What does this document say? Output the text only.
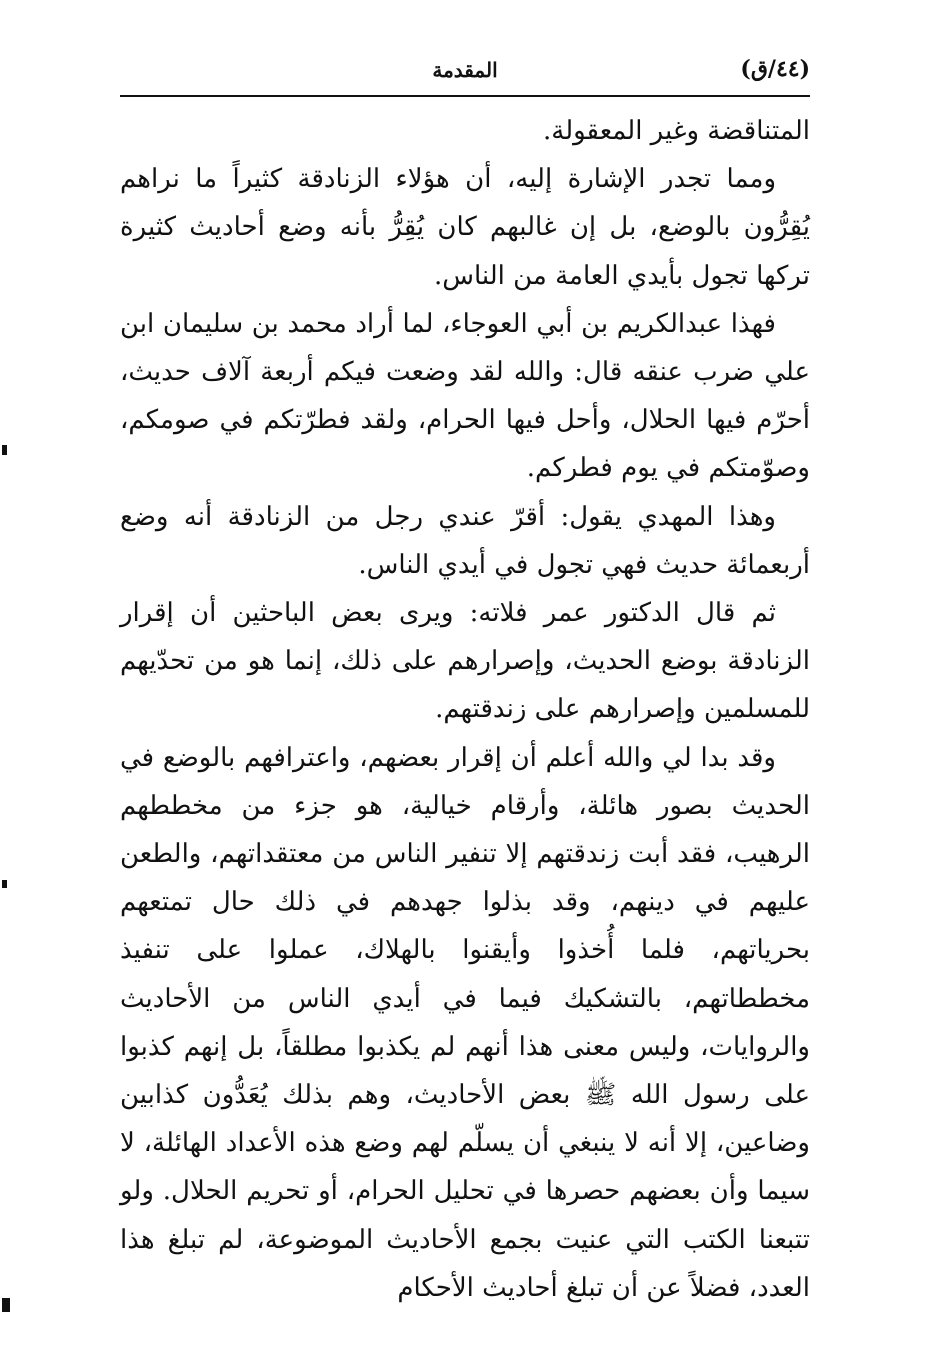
(٤٤/ق)
المقدمة

المتناقضة وغير المعقولة.

ومما تجدر الإشارة إليه، أن هؤلاء الزنادقة كثيراً ما نراهم يُقِرُّون بالوضع، بل إن غالبهم كان يُقِرُّ بأنه وضع أحاديث كثيرة تركها تجول بأيدي العامة من الناس.

فهذا عبدالكريم بن أبي العوجاء، لما أراد محمد بن سليمان ابن علي ضرب عنقه قال: والله لقد وضعت فيكم أربعة آلاف حديث، أحرّم فيها الحلال، وأحل فيها الحرام، ولقد فطرّتكم في صومكم، وصوّمتكم في يوم فطركم.

وهذا المهدي يقول: أقرّ عندي رجل من الزنادقة أنه وضع أربعمائة حديث فهي تجول في أيدي الناس.

ثم قال الدكتور عمر فلاته: ويرى بعض الباحثين أن إقرار الزنادقة بوضع الحديث، وإصرارهم على ذلك، إنما هو من تحدّيهم للمسلمين وإصرارهم على زندقتهم.

وقد بدا لي والله أعلم أن إقرار بعضهم، واعترافهم بالوضع في الحديث بصور هائلة، وأرقام خيالية، هو جزء من مخططهم الرهيب، فقد أبت زندقتهم إلا تنفير الناس من معتقداتهم، والطعن عليهم في دينهم، وقد بذلوا جهدهم في ذلك حال تمتعهم بحرياتهم، فلما أُخذوا وأيقنوا بالهلاك، عملوا على تنفيذ مخططاتهم، بالتشكيك فيما في أيدي الناس من الأحاديث والروايات، وليس معنى هذا أنهم لم يكذبوا مطلقاً، بل إنهم كذبوا على رسول الله ﷺ بعض الأحاديث، وهم بذلك يُعَدُّون كذابين وضاعين، إلا أنه لا ينبغي أن يسلّم لهم وضع هذه الأعداد الهائلة، لا سيما وأن بعضهم حصرها في تحليل الحرام، أو تحريم الحلال. ولو تتبعنا الكتب التي عنيت بجمع الأحاديث الموضوعة، لم تبلغ هذا العدد، فضلاً عن أن تبلغ أحاديث الأحكام
